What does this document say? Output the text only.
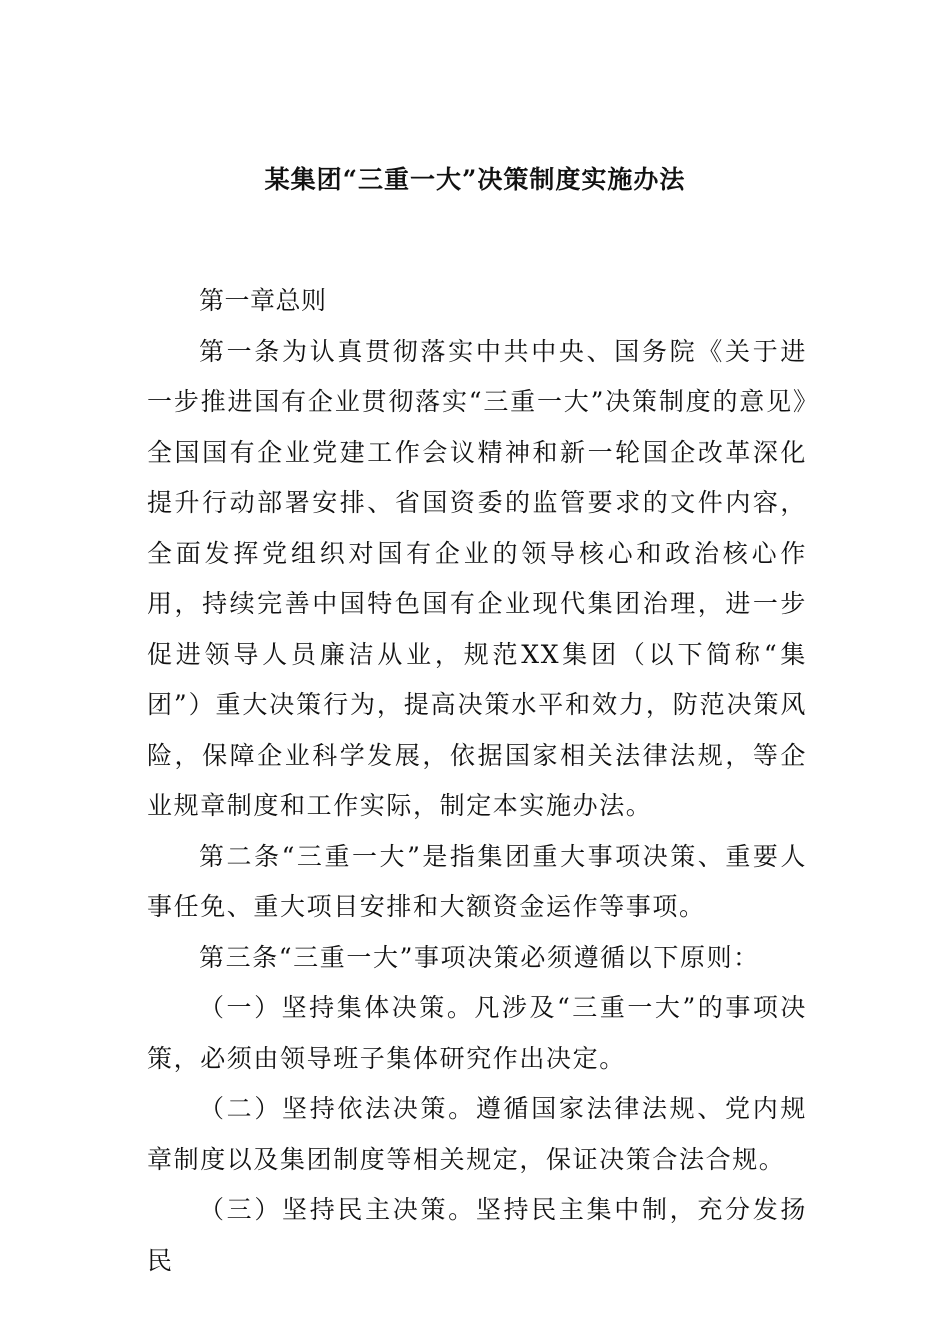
某集团“三重一大”决策制度实施办法

第一章总则

第一条为认真贯彻落实中共中央、国务院《关于进一步推进国有企业贯彻落实“三重一大”决策制度的意见》全国国有企业党建工作会议精神和新一轮国企改革深化提升行动部署安排、省国资委的监管要求的文件内容，全面发挥党组织对国有企业的领导核心和政治核心作用，持续完善中国特色国有企业现代集团治理，进一步促进领导人员廉洁从业，规范XX集团（以下简称“集团”）重大决策行为，提高决策水平和效力，防范决策风险，保障企业科学发展，依据国家相关法律法规，等企业规章制度和工作实际，制定本实施办法。

第二条“三重一大”是指集团重大事项决策、重要人事任免、重大项目安排和大额资金运作等事项。

第三条“三重一大”事项决策必须遵循以下原则：

（一）坚持集体决策。凡涉及“三重一大”的事项决策，必须由领导班子集体研究作出决定。

（二）坚持依法决策。遵循国家法律法规、党内规章制度以及集团制度等相关规定，保证决策合法合规。

（三）坚持民主决策。坚持民主集中制，充分发扬民
